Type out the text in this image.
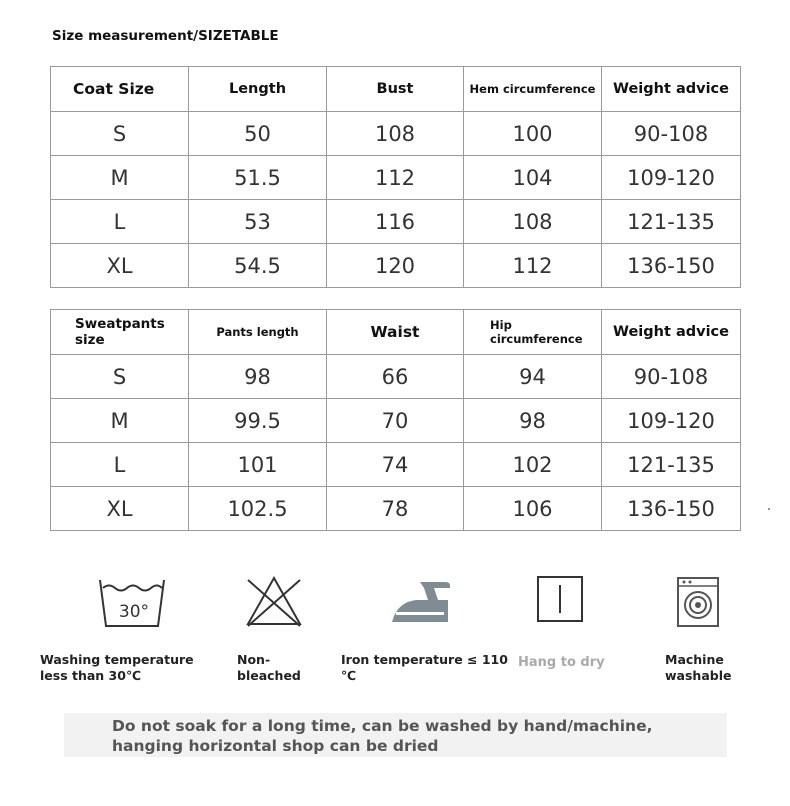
Size measurement/SIZETABLE
Coat Size	Length	Bust	Hem circumference	Weight advice
S	50	108	100	90-108
M	51.5	112	104	109-120
L	53	116	108	121-135
XL	54.5	120	112	136-150
Sweatpants size	Pants length	Waist	Hip circumference	Weight advice
S	98	66	94	90-108
M	99.5	70	98	109-120
L	101	74	102	121-135
XL	102.5	78	106	136-150
30°
Washing temperature less than 30℃
Non-bleached
Iron temperature ≤ 110 ℃
Hang to dry	Machine washable
Do not soak for a long time, can be washed by hand/machine, hanging horizontal shop can be dried
